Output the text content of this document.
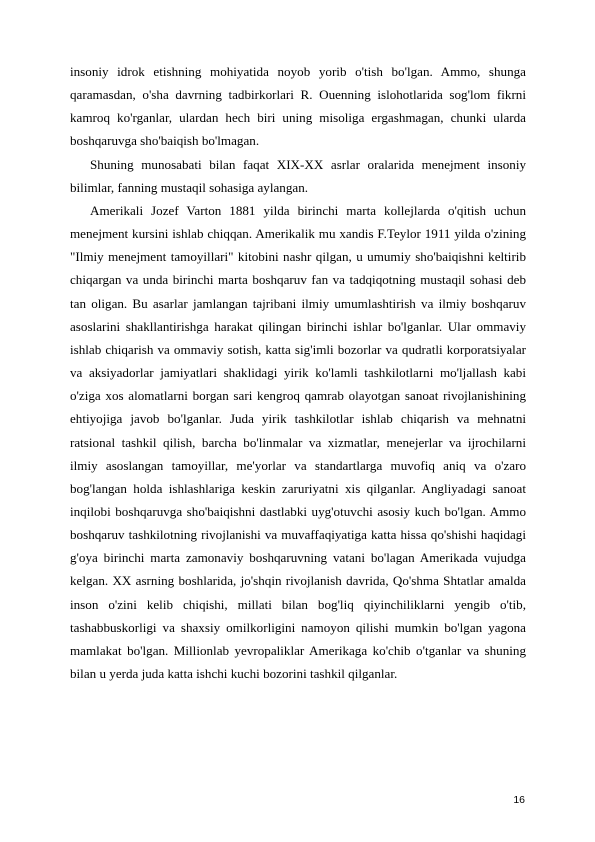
insoniy idrok etishning mohiyatida noyob yorib o'tish bo'lgan. Ammo, shunga qaramasdan, o'sha davrning tadbirkorlari R. Ouenning islohotlarida sog'lom fikrni kamroq ko'rganlar, ulardan hech biri uning misoliga ergashmagan, chunki ularda boshqaruvga sho'baiqish bo'lmagan.

Shuning munosabati bilan faqat XIX-XX asrlar oralarida menejment insoniy bilimlar, fanning mustaqil sohasiga aylangan.

Amerikali Jozef Varton 1881 yilda birinchi marta kollejlarda o'qitish uchun menejment kursini ishlab chiqqan. Amerikalik mu xandis F.Teylor 1911 yilda o'zining "Ilmiy menejment tamoyillari" kitobini nashr qilgan, u umumiy sho'baiqishni keltirib chiqargan va unda birinchi marta boshqaruv fan va tadqiqotning mustaqil sohasi deb tan oligan. Bu asarlar jamlangan tajribani ilmiy umumlashtirish va ilmiy boshqaruv asoslarini shakllantirishga harakat qilingan birinchi ishlar bo'lganlar. Ular ommaviy ishlab chiqarish va ommaviy sotish, katta sig'imli bozorlar va qudratli korporatsiyalar va aksiyadorlar jamiyatlari shaklidagi yirik ko'lamli tashkilotlarni mo'ljallash kabi o'ziga xos alomatlarni borgan sari kengroq qamrab olayotgan sanoat rivojlanishining ehtiyojiga javob bo'lganlar. Juda yirik tashkilotlar ishlab chiqarish va mehnatni ratsional tashkil qilish, barcha bo'linmalar va xizmatlar, menejerlar va ijrochilarni ilmiy asoslangan tamoyillar, me'yorlar va standartlarga muvofiq aniq va o'zaro bog'langan holda ishlashlariga keskin zaruriyatni xis qilganlar. Angliyadagi sanoat inqilobi boshqaruvga sho'baiqishni dastlabki uyg'otuvchi asosiy kuch bo'lgan. Ammo boshqaruv tashkilotning rivojlanishi va muvaffaqiyatiga katta hissa qo'shishi haqidagi g'oya birinchi marta zamonaviy boshqaruvning vatani bo'lagan Amerikada vujudga kelgan. XX asrning boshlarida, jo'shqin rivojlanish davrida, Qo'shma Shtatlar amalda inson o'zini kelib chiqishi, millati bilan bog'liq qiyinchiliklarni yengib o'tib, tashabbuskorligi va shaxsiy omilkorligini namoyon qilishi mumkin bo'lgan yagona mamlakat bo'lgan. Millionlab yevropaliklar Amerikaga ko'chib o'tganlar va shuning bilan u yerda juda katta ishchi kuchi bozorini tashkil qilganlar.

16
